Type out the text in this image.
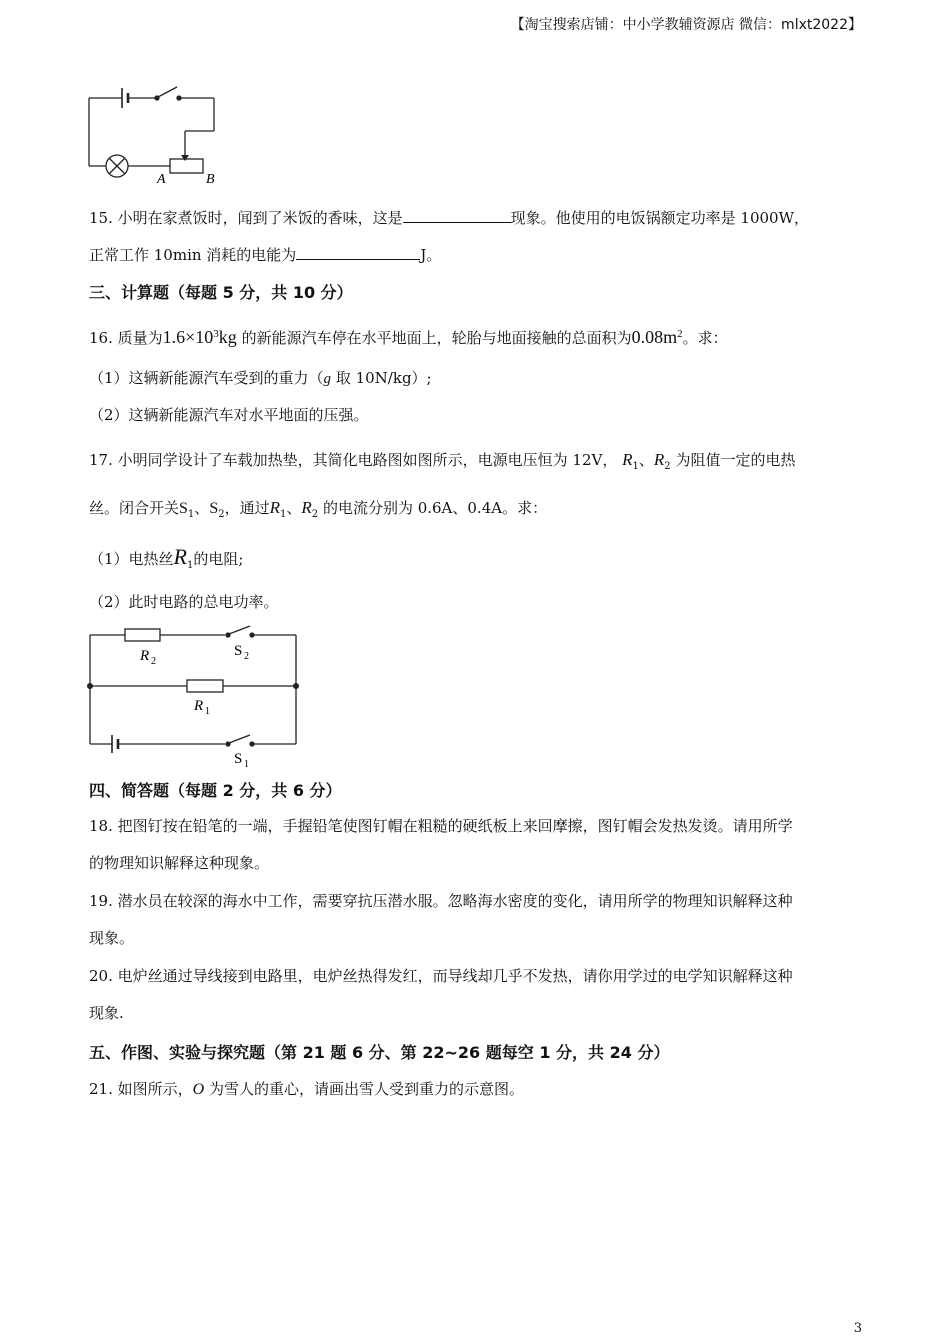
【淘宝搜索店铺：中小学教辅资源店 微信：mlxt2022】
A	B
15. 小明在家煮饭时，闻到了米饭的香味，这是	现象。他使用的电饭锅额定功率是 1000W，
正常工作 10min 消耗的电能为	J。
三、计算题（每题 5 分，共 10 分）
16. 质量为$1.6\times 10^3kg$ 的新能源汽车停在水平地面上，轮胎与地面接触的总面积为$0.08m^2$。求：
（1）这辆新能源汽车受到的重力（g 取 10N/kg）;
（2）这辆新能源汽车对水平地面的压强。
17. 小明同学设计了车载加热垫，其简化电路图如图所示，电源电压恒为 12V， $R_1$、$R_2$ 为阻值一定的电热
丝。闭合开关$S_1$、$S_2$，通过$R_1$、$R_2$ 的电流分别为 0.6A、0.4A。求：
（1）电热丝$R_1$的电阻;
（2）此时电路的总电功率。
R 2
S 2
R 1
S 1
四、简答题（每题 2 分，共 6 分）
18. 把图钉按在铅笔的一端，手握铅笔使图钉帽在粗糙的硬纸板上来回摩擦，图钉帽会发热发烫。请用所学
的物理知识解释这种现象。
19. 潜水员在较深的海水中工作，需要穿抗压潜水服。忽略海水密度的变化，请用所学的物理知识解释这种
现象。
20. 电炉丝通过导线接到电路里，电炉丝热得发红，而导线却几乎不发热，请你用学过的电学知识解释这种
现象.
五、作图、实验与探究题（第 21 题 6 分、第 22~26 题每空 1 分，共 24 分）
21. 如图所示，O 为雪人的重心，请画出雪人受到重力的示意图。
3
